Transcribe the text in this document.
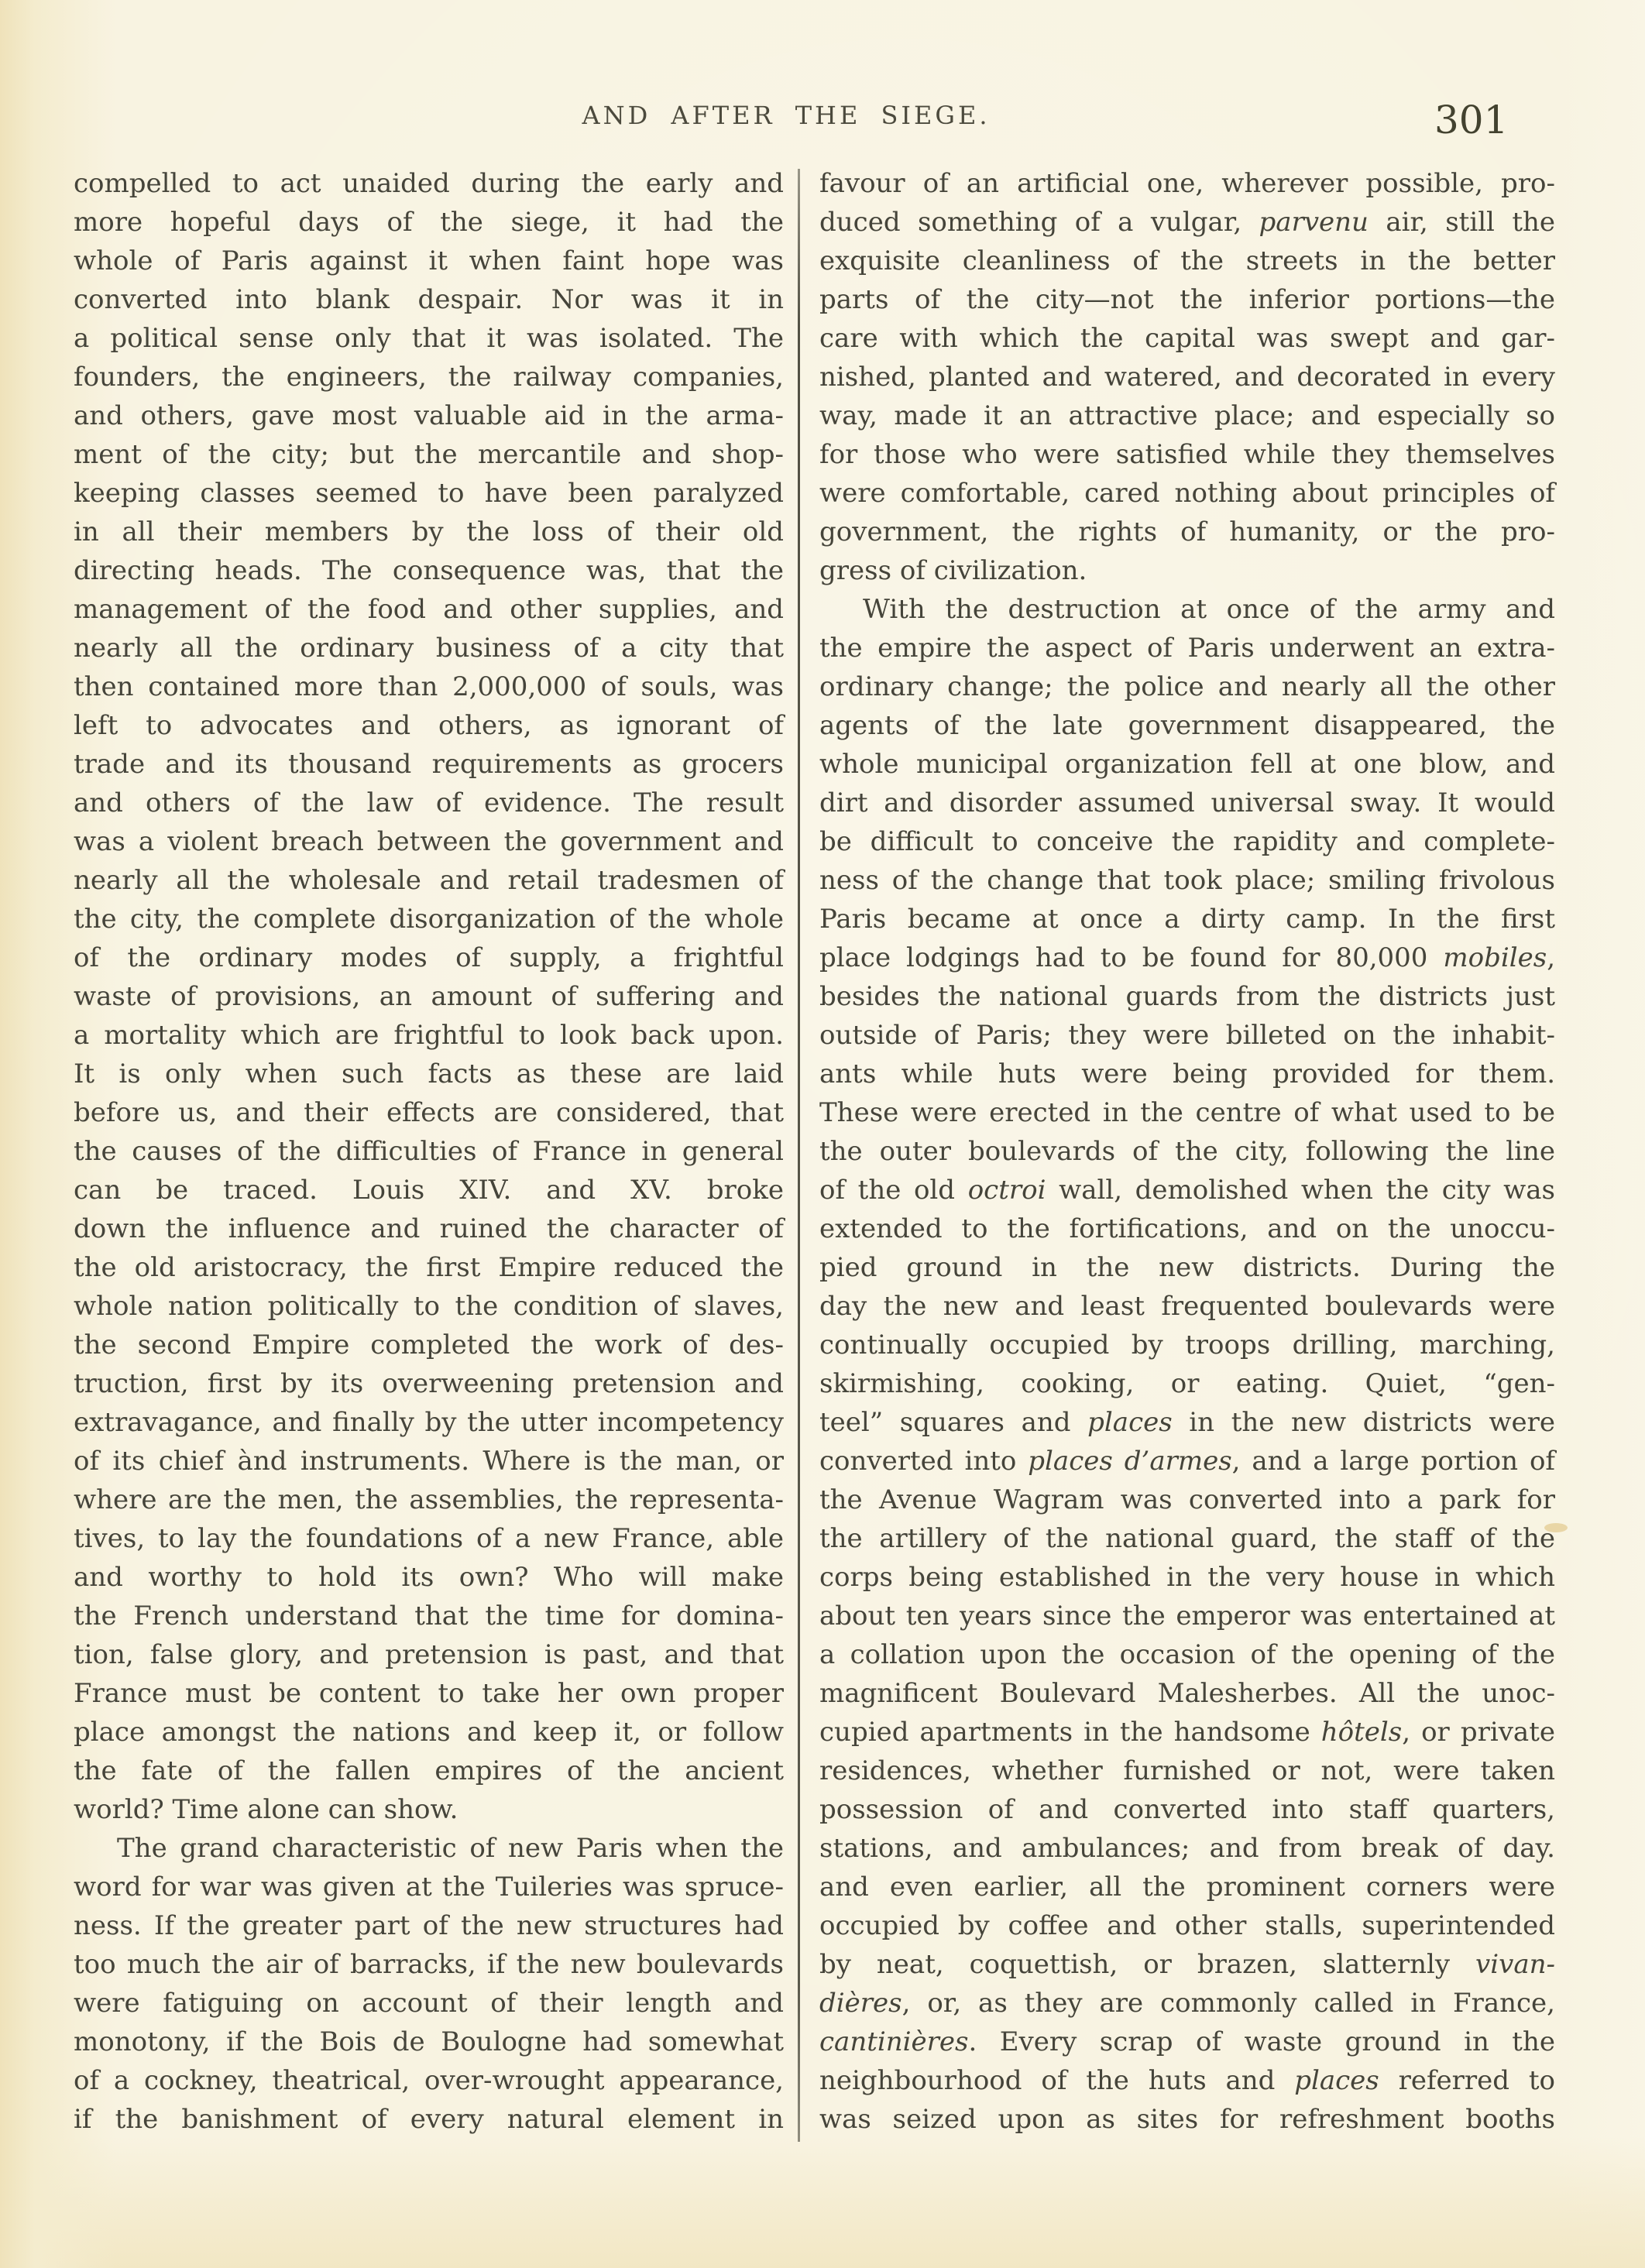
AND AFTER THE SIEGE.	301
compelled to act unaided during the early and
more hopeful days of the siege, it had the
whole of Paris against it when faint hope was
converted into blank despair. Nor was it in
a political sense only that it was isolated. The
founders, the engineers, the railway companies,
and others, gave most valuable aid in the arma-
ment of the city; but the mercantile and shop-
keeping classes seemed to have been paralyzed
in all their members by the loss of their old
directing heads. The consequence was, that the
management of the food and other supplies, and
nearly all the ordinary business of a city that
then contained more than 2,000,000 of souls, was
left to advocates and others, as ignorant of
trade and its thousand requirements as grocers
and others of the law of evidence. The result
was a violent breach between the government and
nearly all the wholesale and retail tradesmen of
the city, the complete disorganization of the whole
of the ordinary modes of supply, a frightful
waste of provisions, an amount of suffering and
a mortality which are frightful to look back upon.
It is only when such facts as these are laid
before us, and their effects are considered, that
the causes of the difficulties of France in general
can be traced. Louis XIV. and XV. broke
down the influence and ruined the character of
the old aristocracy, the first Empire reduced the
whole nation politically to the condition of slaves,
the second Empire completed the work of des-
truction, first by its overweening pretension and
extravagance, and finally by the utter incompetency
of its chief ànd instruments. Where is the man, or
where are the men, the assemblies, the representa-
tives, to lay the foundations of a new France, able
and worthy to hold its own? Who will make
the French understand that the time for domina-
tion, false glory, and pretension is past, and that
France must be content to take her own proper
place amongst the nations and keep it, or follow
the fate of the fallen empires of the ancient
world? Time alone can show.
The grand characteristic of new Paris when the
word for war was given at the Tuileries was spruce-
ness. If the greater part of the new structures had
too much the air of barracks, if the new boulevards
were fatiguing on account of their length and
monotony, if the Bois de Boulogne had somewhat
of a cockney, theatrical, over-wrought appearance,
if the banishment of every natural element in
favour of an artificial one, wherever possible, pro-
duced something of a vulgar, parvenu air, still the
exquisite cleanliness of the streets in the better
parts of the city—not the inferior portions—the
care with which the capital was swept and gar-
nished, planted and watered, and decorated in every
way, made it an attractive place; and especially so
for those who were satisfied while they themselves
were comfortable, cared nothing about principles of
government, the rights of humanity, or the pro-
gress of civilization.
With the destruction at once of the army and
the empire the aspect of Paris underwent an extra-
ordinary change; the police and nearly all the other
agents of the late government disappeared, the
whole municipal organization fell at one blow, and
dirt and disorder assumed universal sway. It would
be difficult to conceive the rapidity and complete-
ness of the change that took place; smiling frivolous
Paris became at once a dirty camp. In the first
place lodgings had to be found for 80,000 mobiles,
besides the national guards from the districts just
outside of Paris; they were billeted on the inhabit-
ants while huts were being provided for them.
These were erected in the centre of what used to be
the outer boulevards of the city, following the line
of the old octroi wall, demolished when the city was
extended to the fortifications, and on the unoccu-
pied ground in the new districts. During the
day the new and least frequented boulevards were
continually occupied by troops drilling, marching,
skirmishing, cooking, or eating. Quiet, “gen-
teel” squares and places in the new districts were
converted into places d’armes, and a large portion of
the Avenue Wagram was converted into a park for
the artillery of the national guard, the staff of the
corps being established in the very house in which
about ten years since the emperor was entertained at
a collation upon the occasion of the opening of the
magnificent Boulevard Malesherbes. All the unoc-
cupied apartments in the handsome hôtels, or private
residences, whether furnished or not, were taken
possession of and converted into staff quarters,
stations, and ambulances; and from break of day.
and even earlier, all the prominent corners were
occupied by coffee and other stalls, superintended
by neat, coquettish, or brazen, slatternly vivan-
dières, or, as they are commonly called in France,
cantinières. Every scrap of waste ground in the
neighbourhood of the huts and places referred to
was seized upon as sites for refreshment booths
